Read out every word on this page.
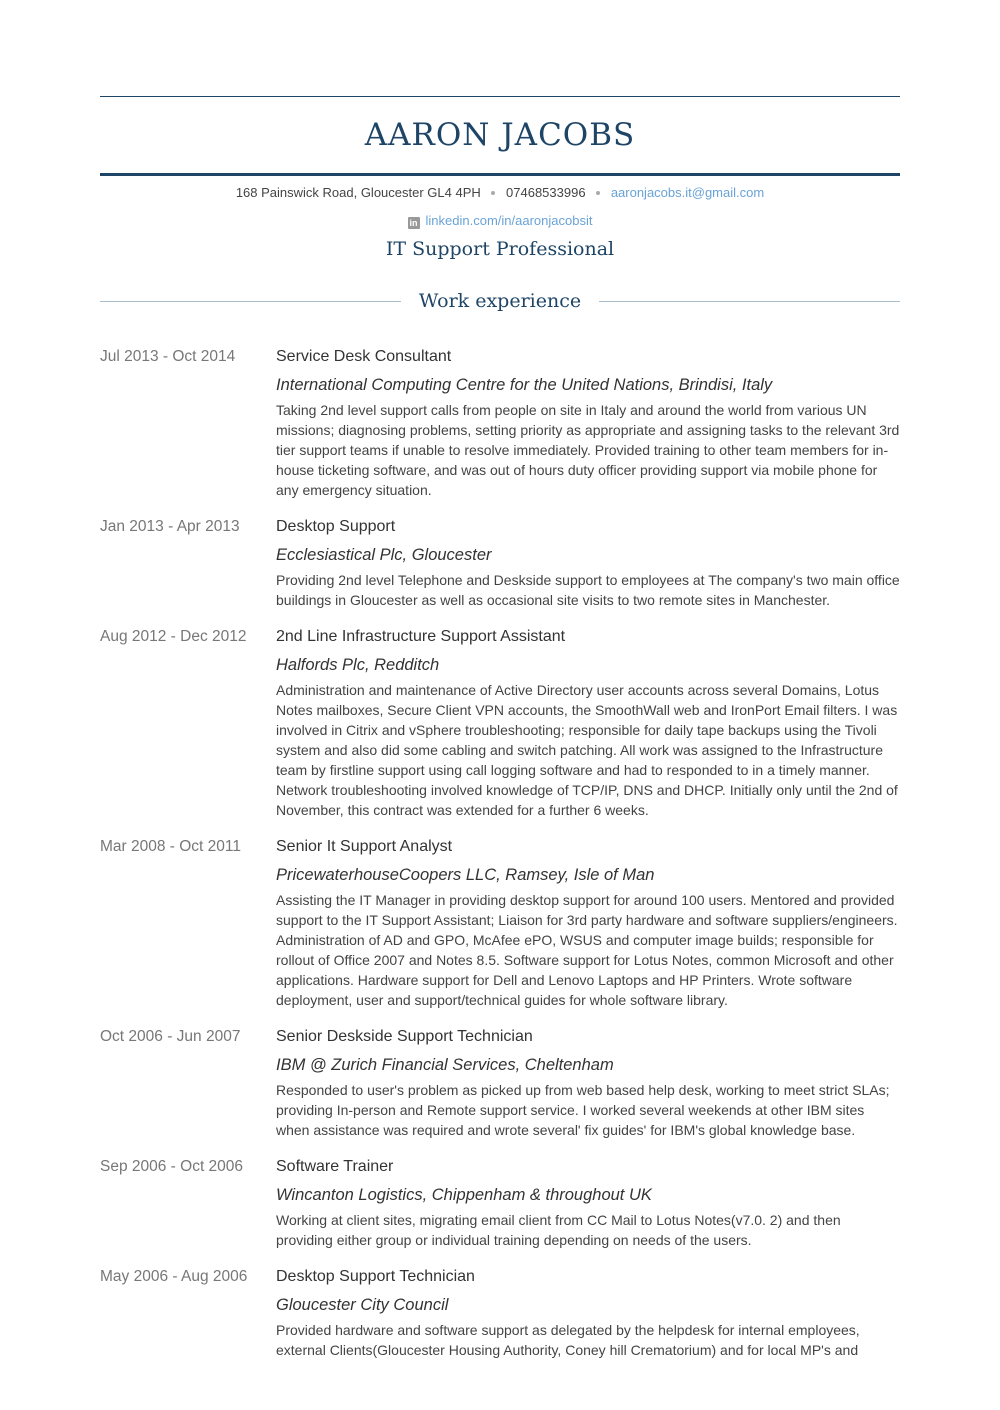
AARON JACOBS
168 Painswick Road, Gloucester GL4 4PH 07468533996 aaronjacobs.it@gmail.com
in linkedin.com/in/aaronjacobsit
IT Support Professional
Work experience
Jul 2013 - Oct 2014	Service Desk Consultant
International Computing Centre for the United Nations, Brindisi, Italy
Taking 2nd level support calls from people on site in Italy and around the world from various UN missions; diagnosing problems, setting priority as appropriate and assigning tasks to the relevant 3rd tier support teams if unable to resolve immediately. Provided training to other team members for in-house ticketing software, and was out of hours duty officer providing support via mobile phone for any emergency situation.
Jan 2013 - Apr 2013	Desktop Support
Ecclesiastical Plc, Gloucester
Providing 2nd level Telephone and Deskside support to employees at The company's two main office buildings in Gloucester as well as occasional site visits to two remote sites in Manchester.
Aug 2012 - Dec 2012	2nd Line Infrastructure Support Assistant
Halfords Plc, Redditch
Administration and maintenance of Active Directory user accounts across several Domains, Lotus Notes mailboxes, Secure Client VPN accounts, the SmoothWall web and IronPort Email filters. I was involved in Citrix and vSphere troubleshooting; responsible for daily tape backups using the Tivoli system and also did some cabling and switch patching. All work was assigned to the Infrastructure team by firstline support using call logging software and had to responded to in a timely manner. Network troubleshooting involved knowledge of TCP/IP, DNS and DHCP. Initially only until the 2nd of November, this contract was extended for a further 6 weeks.
Mar 2008 - Oct 2011	Senior It Support Analyst
PricewaterhouseCoopers LLC, Ramsey, Isle of Man
Assisting the IT Manager in providing desktop support for around 100 users. Mentored and provided support to the IT Support Assistant; Liaison for 3rd party hardware and software suppliers/engineers. Administration of AD and GPO, McAfee ePO, WSUS and computer image builds; responsible for rollout of Office 2007 and Notes 8.5. Software support for Lotus Notes, common Microsoft and other applications. Hardware support for Dell and Lenovo Laptops and HP Printers. Wrote software deployment, user and support/technical guides for whole software library.
Oct 2006 - Jun 2007	Senior Deskside Support Technician
IBM @ Zurich Financial Services, Cheltenham
Responded to user's problem as picked up from web based help desk, working to meet strict SLAs; providing In-person and Remote support service. I worked several weekends at other IBM sites when assistance was required and wrote several' fix guides' for IBM's global knowledge base.
Sep 2006 - Oct 2006	Software Trainer
Wincanton Logistics, Chippenham & throughout UK
Working at client sites, migrating email client from CC Mail to Lotus Notes(v7.0. 2) and then providing either group or individual training depending on needs of the users.
May 2006 - Aug 2006	Desktop Support Technician
Gloucester City Council
Provided hardware and software support as delegated by the helpdesk for internal employees, external Clients(Gloucester Housing Authority, Coney hill Crematorium) and for local MP's and
